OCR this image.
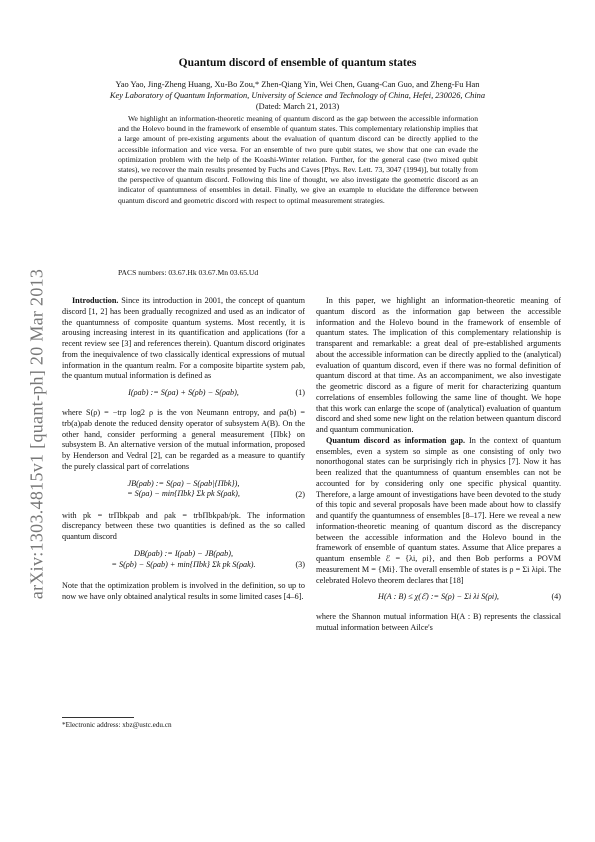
arXiv:1303.4815v1 [quant-ph] 20 Mar 2013
Quantum discord of ensemble of quantum states
Yao Yao, Jing-Zheng Huang, Xu-Bo Zou,* Zhen-Qiang Yin, Wei Chen, Guang-Can Guo, and Zheng-Fu Han
Key Laboratory of Quantum Information, University of Science and Technology of China, Hefei, 230026, China
(Dated: March 21, 2013)

We highlight an information-theoretic meaning of quantum discord as the gap between the accessible information and the Holevo bound in the framework of ensemble of quantum states. This complementary relationship implies that a large amount of pre-existing arguments about the evaluation of quantum discord can be directly applied to the accessible information and vice versa. For an ensemble of two pure qubit states, we show that one can evade the optimization problem with the help of the Koashi-Winter relation. Further, for the general case (two mixed qubit states), we recover the main results presented by Fuchs and Caves [Phys. Rev. Lett. 73, 3047 (1994)], but totally from the perspective of quantum discord. Following this line of thought, we also investigate the geometric discord as an indicator of quantumness of ensembles in detail. Finally, we give an example to elucidate the difference between quantum discord and geometric discord with respect to optimal measurement strategies.

PACS numbers: 03.67.Hk 03.67.Mn 03.65.Ud

Introduction. Since its introduction in 2001, the concept of quantum discord [1, 2] has been gradually recognized and used as an indicator of the quantumness of composite quantum systems. Most recently, it is arousing increasing interest in its quantification and applications (for a recent review see [3] and references therein). Quantum discord originates from the inequivalence of two classically identical expressions of mutual information in the quantum realm. For a composite bipartite system ρab, the quantum mutual information is defined as

I(ρab) := S(ρa) + S(ρb) − S(ρab),	(1)

where S(ρ) = −trρ log2 ρ is the von Neumann entropy, and ρa(b) = trb(a)ρab denote the reduced density operator of subsystem A(B). On the other hand, consider performing a general measurement {Πbk} on subsystem B. An alternative version of the mutual information, proposed by Henderson and Vedral [2], can be regarded as a measure to quantify the purely classical part of correlations

JB(ρab) := S(ρa) − S(ρab|{Πbk}),
= S(ρa) − min{Πbk} Σk pk S(ρak),	(2)

with pk = trΠbkρab and ρak = trbΠbkρab/pk. The information discrepancy between these two quantities is defined as the so called quantum discord

DB(ρab) := I(ρab) − JB(ρab),
= S(ρb) − S(ρab) + min{Πbk} Σk pk S(ρak).	(3)

Note that the optimization problem is involved in the definition, so up to now we have only obtained analytical results in some limited cases [4–6].

In this paper, we highlight an information-theoretic meaning of quantum discord as the information gap between the accessible information and the Holevo bound in the framework of ensemble of quantum states. The implication of this complementary relationship is transparent and remarkable: a great deal of pre-established arguments about the accessible information can be directly applied to the (analytical) evaluation of quantum discord, even if there was no formal definition of quantum discord at that time. As an accompaniment, we also investigate the geometric discord as a figure of merit for characterizing quantum correlations of ensembles following the same line of thought. We hope that this work can enlarge the scope of (analytical) evaluation of quantum discord and shed some new light on the relation between quantum discord and quantum communication.

Quantum discord as information gap. In the context of quantum ensembles, even a system so simple as one consisting of only two nonorthogonal states can be surprisingly rich in physics [7]. Now it has been realized that the quantumness of quantum ensembles can not be accounted for by considering only one specific physical quantity. Therefore, a large amount of investigations have been devoted to the study of this topic and several proposals have been made about how to classify and quantify the quantumness of ensembles [8–17]. Here we reveal a new information-theoretic meaning of quantum discord as the discrepancy between the accessible information and the Holevo bound in the framework of ensemble of quantum states. Assume that Alice prepares a quantum ensemble ℰ = {λi, ρi}, and then Bob performs a POVM measurement M = {Mi}. The overall ensemble of states is ρ = Σi λiρi. The celebrated Holevo theorem declares that [18]

H(A : B) ≤ χ(ℰ) := S(ρ) − Σi λi S(ρi),	(4)

where the Shannon mutual information H(A : B) represents the classical mutual information between Ailce's

*Electronic address: xbz@ustc.edu.cn
